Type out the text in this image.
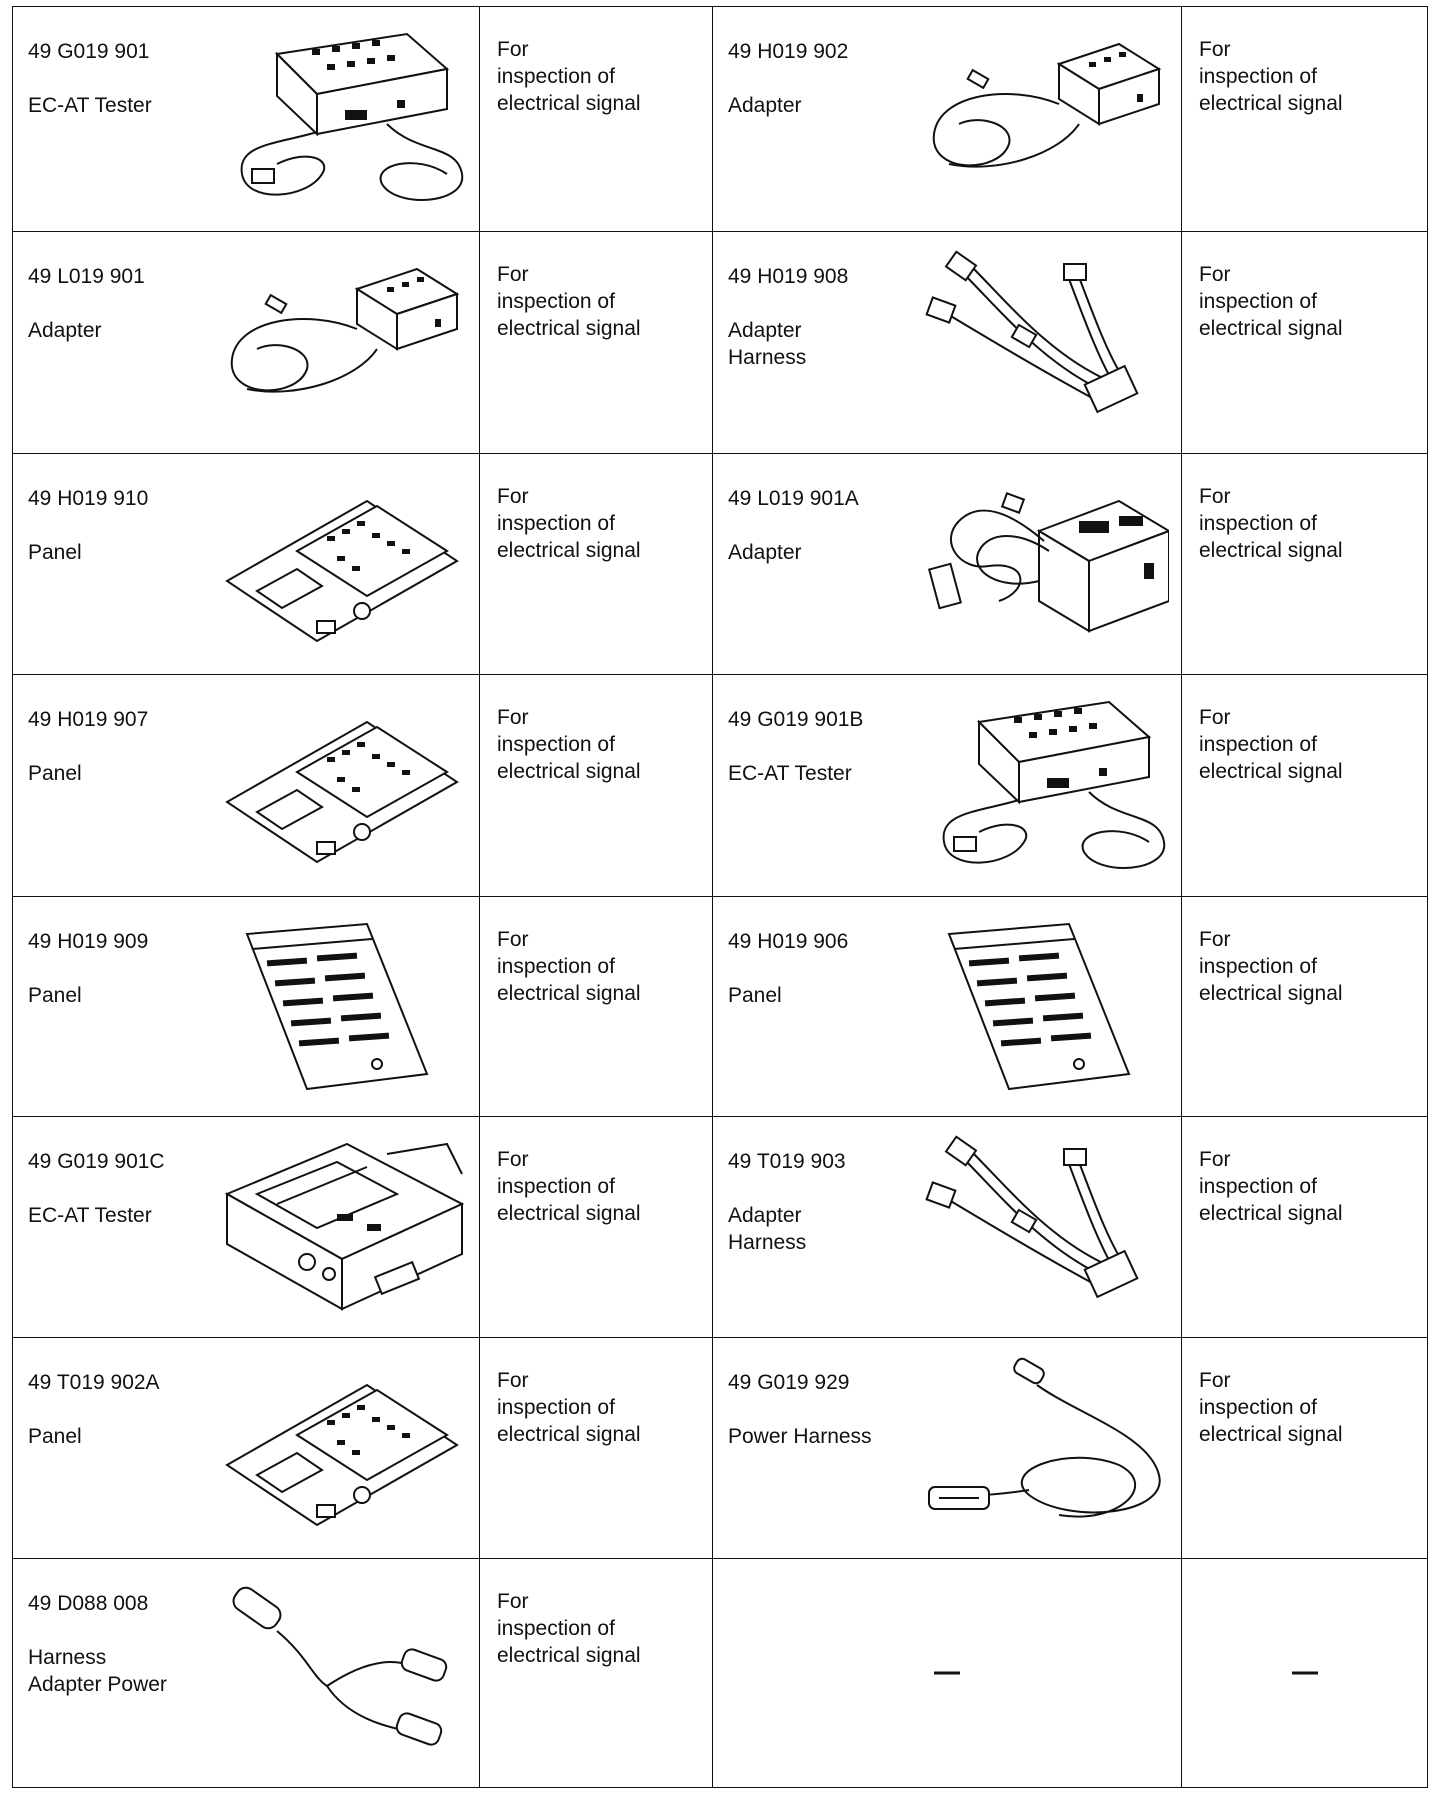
49 G019 901
EC-AT Tester
For
inspection of
electrical signal
49 H019 902
Adapter
For
inspection of
electrical signal
49 L019 901
Adapter
For
inspection of
electrical signal
49 H019 908
Adapter
Harness
For
inspection of
electrical signal
49 H019 910
Panel
For
inspection of
electrical signal
49 L019 901A
Adapter
For
inspection of
electrical signal
49 H019 907
Panel
For
inspection of
electrical signal
49 G019 901B
EC-AT Tester
For
inspection of
electrical signal
49 H019 909
Panel
For
inspection of
electrical signal
49 H019 906
Panel
For
inspection of
electrical signal
49 G019 901C
EC-AT Tester
For
inspection of
electrical signal
49 T019 903
Adapter
Harness
For
inspection of
electrical signal
49 T019 902A
Panel
For
inspection of
electrical signal
49 G019 929
Power Harness
For
inspection of
electrical signal
49 D088 008
Harness
Adapter Power
For
inspection of
electrical signal
